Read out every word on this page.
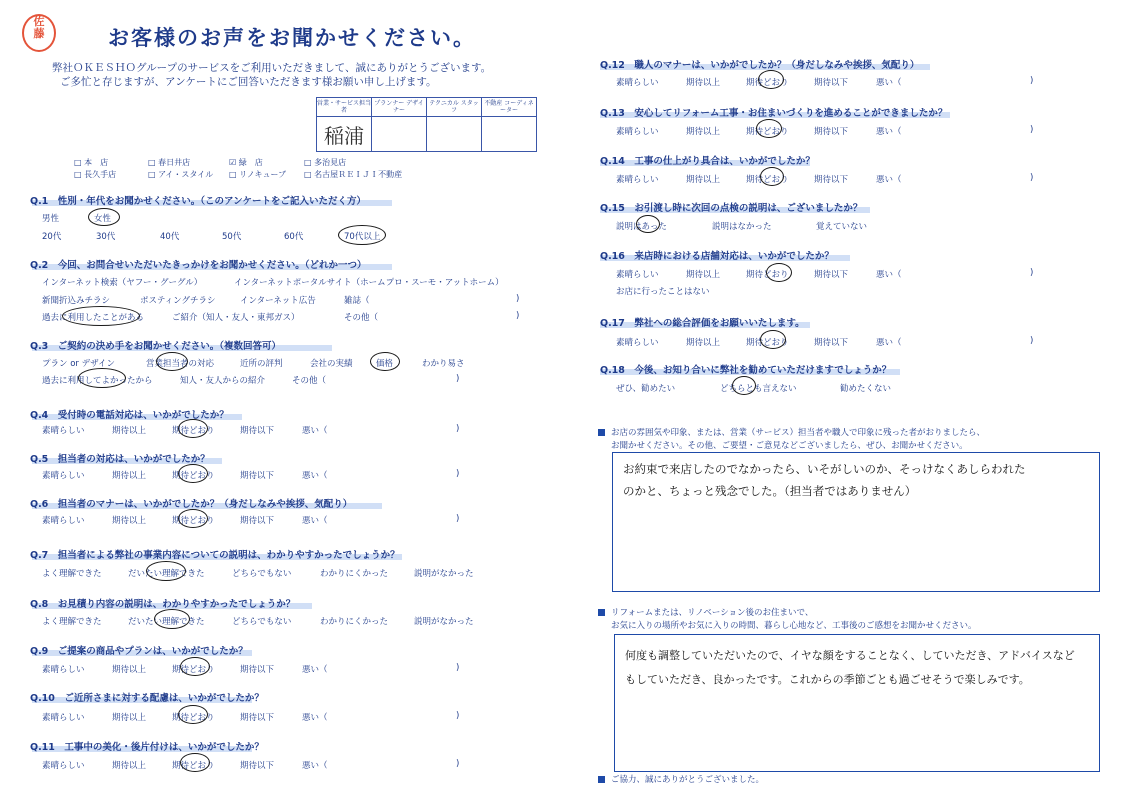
佐
藤	お客様のお声をお聞かせください。
弊社ＯＫＥＳＨＯグループのサービスをご利用いただきまして、誠にありがとうございます。
ご多忙と存じますが、アンケートにご回答いただきます様お願い申し上げます。
営業・サービス担当者	プランナー デザイナー	テクニカル スタッフ	不動産 コーディネーター
稲浦			
□ 本　店	□ 春日井店	☑ 緑　店	□ 多治見店
□ 長久手店	□ アイ・スタイル □ リノキューブ □ 名古屋ＲＥＩＪＩ不動産
Q.1　性別・年代をお聞かせください。（このアンケートをご記入いただく方）
男性	女性
20代	30代	40代	50代	60代	70代以上
Q.2　今回、お問合せいただいたきっかけをお聞かせください。（どれか一つ）
インターネット検索（ヤフー・グーグル）	インターネットポータルサイト（ホームプロ・スーモ・アットホーム）
新聞折込みチラシ	ポスティングチラシ	インターネット広告	雑誌（	)
過去に利用したことがある	ご紹介（知人・友人・東邦ガス）	その他（	)
Q.3　ご契約の決め手をお聞かせください。（複数回答可）
プラン or デザイン	営業担当者の対応	近所の評判	会社の実績	価格	わかり易さ
過去に利用してよかったから	知人・友人からの紹介	その他（	)
Q.4　受付時の電話対応は、いかがでしたか？
素晴らしい	期待以上	期待どおり	期待以下	悪い（	)
Q.5　担当者の対応は、いかがでしたか？
素晴らしい	期待以上	期待どおり	期待以下	悪い（	)
Q.6　担当者のマナーは、いかがでしたか？（身だしなみや挨拶、気配り）
素晴らしい	期待以上	期待どおり	期待以下	悪い（	)
Q.7　担当者による弊社の事業内容についての説明は、わかりやすかったでしょうか？
よく理解できた	だいたい理解できた	どちらでもない	わかりにくかった	説明がなかった
Q.8　お見積り内容の説明は、わかりやすかったでしょうか？
よく理解できた	だいたい理解できた	どちらでもない	わかりにくかった	説明がなかった
Q.9　ご提案の商品やプランは、いかがでしたか？
素晴らしい	期待以上	期待どおり	期待以下	悪い（	)
Q.10　ご近所さまに対する配慮は、いかがでしたか？
素晴らしい	期待以上	期待どおり	期待以下	悪い（	)
Q.11　工事中の美化・後片付けは、いかがでしたか？
素晴らしい	期待以上	期待どおり	期待以下	悪い（	)
Q.12　職人のマナーは、いかがでしたか？（身だしなみや挨拶、気配り）
素晴らしい	期待以上	期待どおり	期待以下	悪い（	)
Q.13　安心してリフォーム工事・お住まいづくりを進めることができましたか？
素晴らしい	期待以上	期待どおり	期待以下	悪い（	)
Q.14　工事の仕上がり具合は、いかがでしたか？
素晴らしい	期待以上	期待どおり	期待以下	悪い（	)
Q.15　お引渡し時に次回の点検の説明は、ございましたか？
説明はあった	説明はなかった	覚えていない
Q.16　来店時における店舗対応は、いかがでしたか？
素晴らしい	期待以上	期待どおり	期待以下	悪い（	)
お店に行ったことはない
Q.17　弊社への総合評価をお願いいたします。
素晴らしい	期待以上	期待どおり	期待以下	悪い（	)
Q.18　今後、お知り合いに弊社を勧めていただけますでしょうか？
ぜひ、勧めたい	どちらとも言えない	勧めたくない
お店の雰囲気や印象、または、営業（サービス）担当者や職人で印象に残った者がおりましたら、
お聞かせください。その他、ご要望・ご意見などございましたら、ぜひ、お聞かせください。
お約束で来店したのでなかったら、いそがしいのか、そっけなくあしらわれた
のかと、ちょっと残念でした。（担当者ではありません）
リフォームまたは、リノベーション後のお住まいで、
お気に入りの場所やお気に入りの時間、暮らし心地など、工事後のご感想をお聞かせください。
何度も調整していただいたので、イヤな顔をすることなく、していただき、アドバイスなど
もしていただき、良かったです。これからの季節ごとも過ごせそうで楽しみです。
ご協力、誠にありがとうございました。
